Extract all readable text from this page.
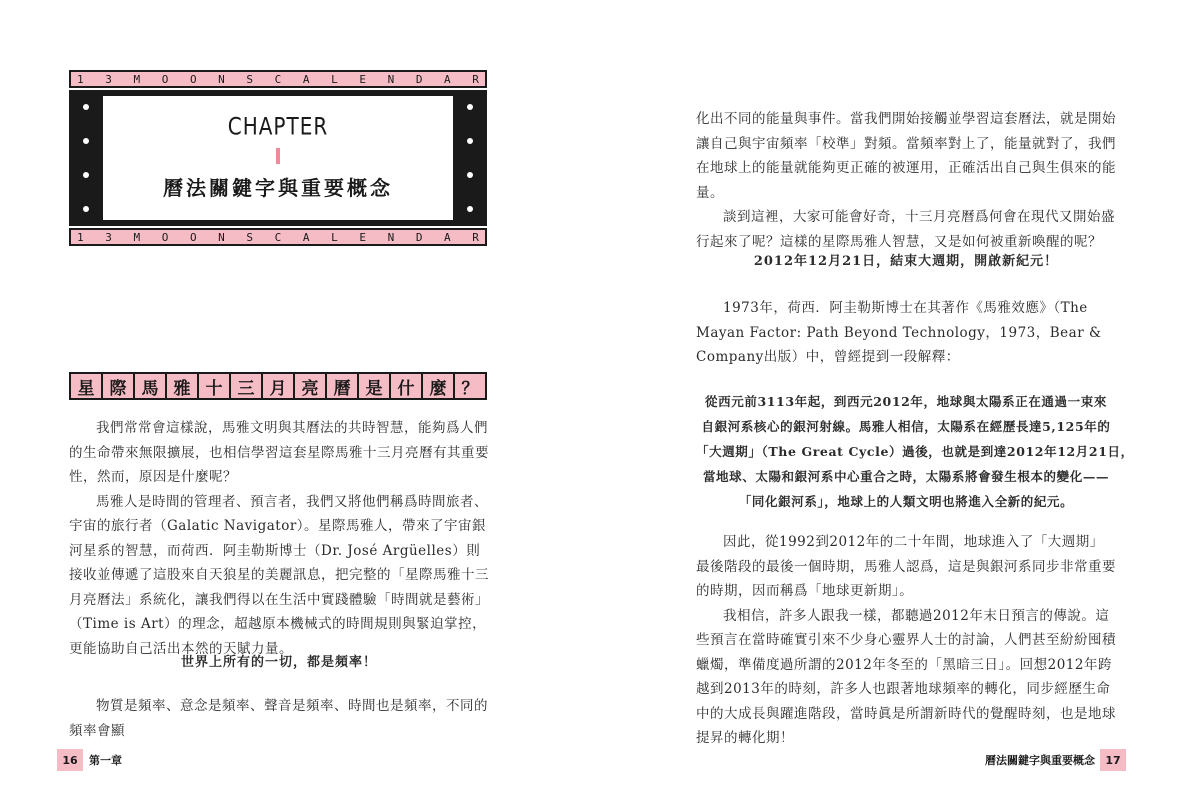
1 3 M O O N S C A L E N D A R
CHAPTER
曆法關鍵字與重要概念
1 3 M O O N S C A L E N D A R
星 際 馬 雅 十 三 月 亮 曆 是 什 麼 ？

我們常常會這樣說，馬雅文明與其曆法的共時智慧，能夠爲人們的生命帶來無限擴展，也相信學習這套星際馬雅十三月亮曆有其重要性，然而，原因是什麼呢？

馬雅人是時間的管理者、預言者，我們又將他們稱爲時間旅者、宇宙的旅行者（Galatic Navigator）。星際馬雅人，帶來了宇宙銀河星系的智慧，而荷西．阿圭勒斯博士（Dr. José Argüelles）則接收並傳遞了這股來自天狼星的美麗訊息，把完整的「星際馬雅十三月亮曆法」系統化，讓我們得以在生活中實踐體驗「時間就是藝術」（Time is Art）的理念，超越原本機械式的時間規則與緊迫掌控，更能協助自己活出本然的天賦力量。

世界上所有的一切，都是頻率！

物質是頻率、意念是頻率、聲音是頻率、時間也是頻率，不同的頻率會顯

16	第一章

化出不同的能量與事件。當我們開始接觸並學習這套曆法，就是開始讓自己與宇宙頻率「校準」對頻。當頻率對上了，能量就對了，我們在地球上的能量就能夠更正確的被運用，正確活出自己與生俱來的能量。

談到這裡，大家可能會好奇，十三月亮曆爲何會在現代又開始盛行起來了呢？這樣的星際馬雅人智慧，又是如何被重新喚醒的呢？

2012年12月21日，結束大週期，開啟新紀元！

1973年，荷西．阿圭勒斯博士在其著作《馬雅效應》（The Mayan Factor: Path Beyond Technology，1973，Bear & Company出版）中，曾經提到一段解釋：

從西元前3113年起，到西元2012年，地球與太陽系正在通過一束來
自銀河系核心的銀河射線。馬雅人相信，太陽系在經歷長達5,125年的
「大週期」（The Great Cycle）過後，也就是到達2012年12月21日，
當地球、太陽和銀河系中心重合之時，太陽系將會發生根本的變化——
「同化銀河系」，地球上的人類文明也將進入全新的紀元。

因此，從1992到2012年的二十年間，地球進入了「大週期」最後階段的最後一個時期，馬雅人認爲，這是與銀河系同步非常重要的時期，因而稱爲「地球更新期」。

我相信，許多人跟我一樣，都聽過2012年末日預言的傳說。這些預言在當時確實引來不少身心靈界人士的討論，人們甚至紛紛囤積蠟燭，準備度過所謂的2012年冬至的「黑暗三日」。回想2012年跨越到2013年的時刻，許多人也跟著地球頻率的轉化，同步經歷生命中的大成長與躍進階段，當時眞是所謂新時代的覺醒時刻，也是地球提昇的轉化期！

曆法關鍵字與重要概念 17
